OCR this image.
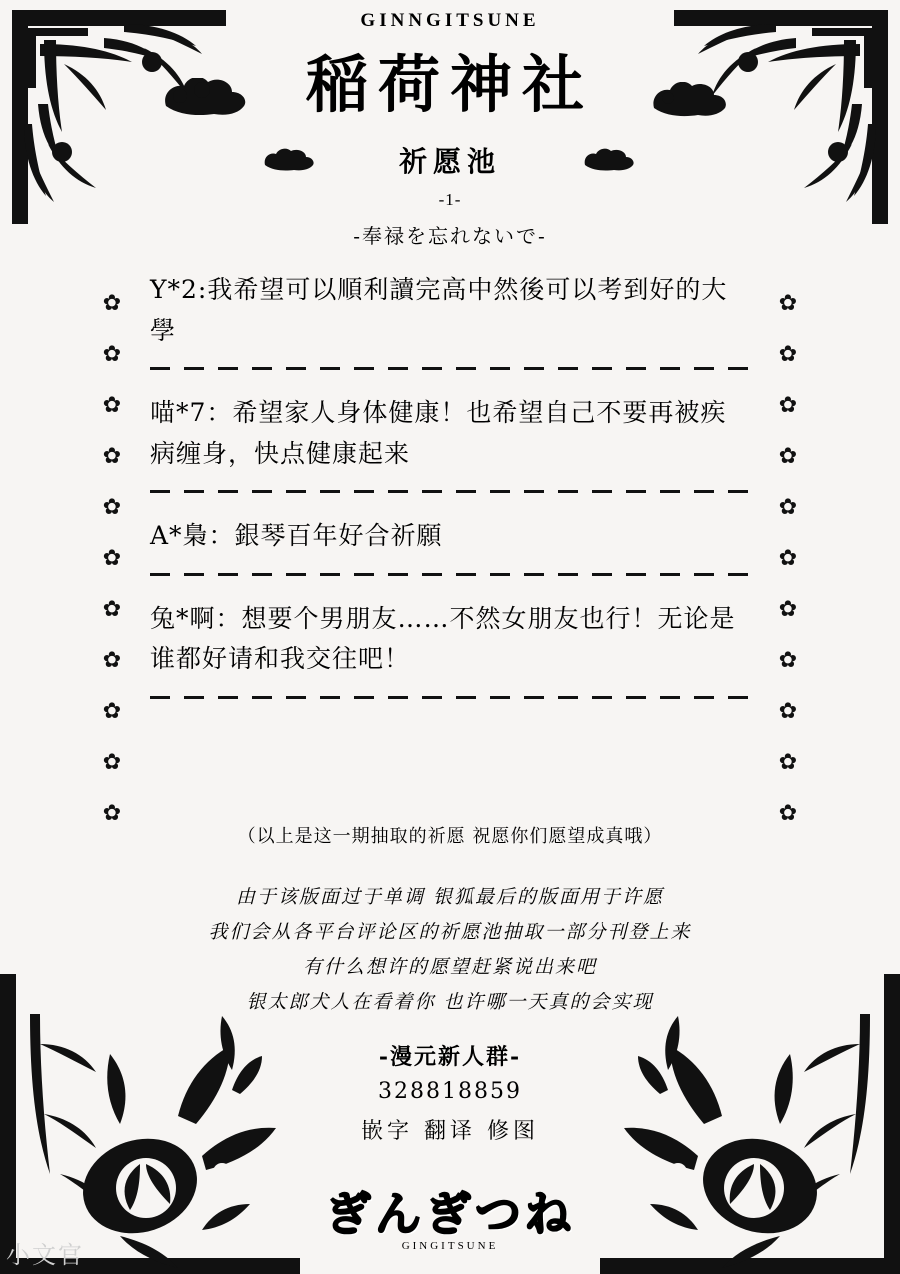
GINNGITSUNE
稲荷神社
祈愿池
-1-
-奉禄を忘れないで-
✿
✿
✿
✿
✿
✿
✿
✿
✿
✿
✿
✿
✿
✿
✿
✿
✿
✿
✿
✿
✿
✿

Y*2:我希望可以順利讀完高中然後可以考到好的大學

喵*7：希望家人身体健康！也希望自己不要再被疾病缠身，快点健康起来

A*梟：銀琴百年好合祈願

兔*啊：想要个男朋友……不然女朋友也行！无论是谁都好请和我交往吧！

（以上是这一期抽取的祈愿 祝愿你们愿望成真哦）
由于该版面过于单调 银狐最后的版面用于许愿
我们会从各平台评论区的祈愿池抽取一部分刊登上来
有什么想许的愿望赶紧说出来吧
银太郎犬人在看着你 也许哪一天真的会实现
-漫元新人群-
328818859
嵌字 翻译 修图
ぎんぎつね
GINGITSUNE
小文官
